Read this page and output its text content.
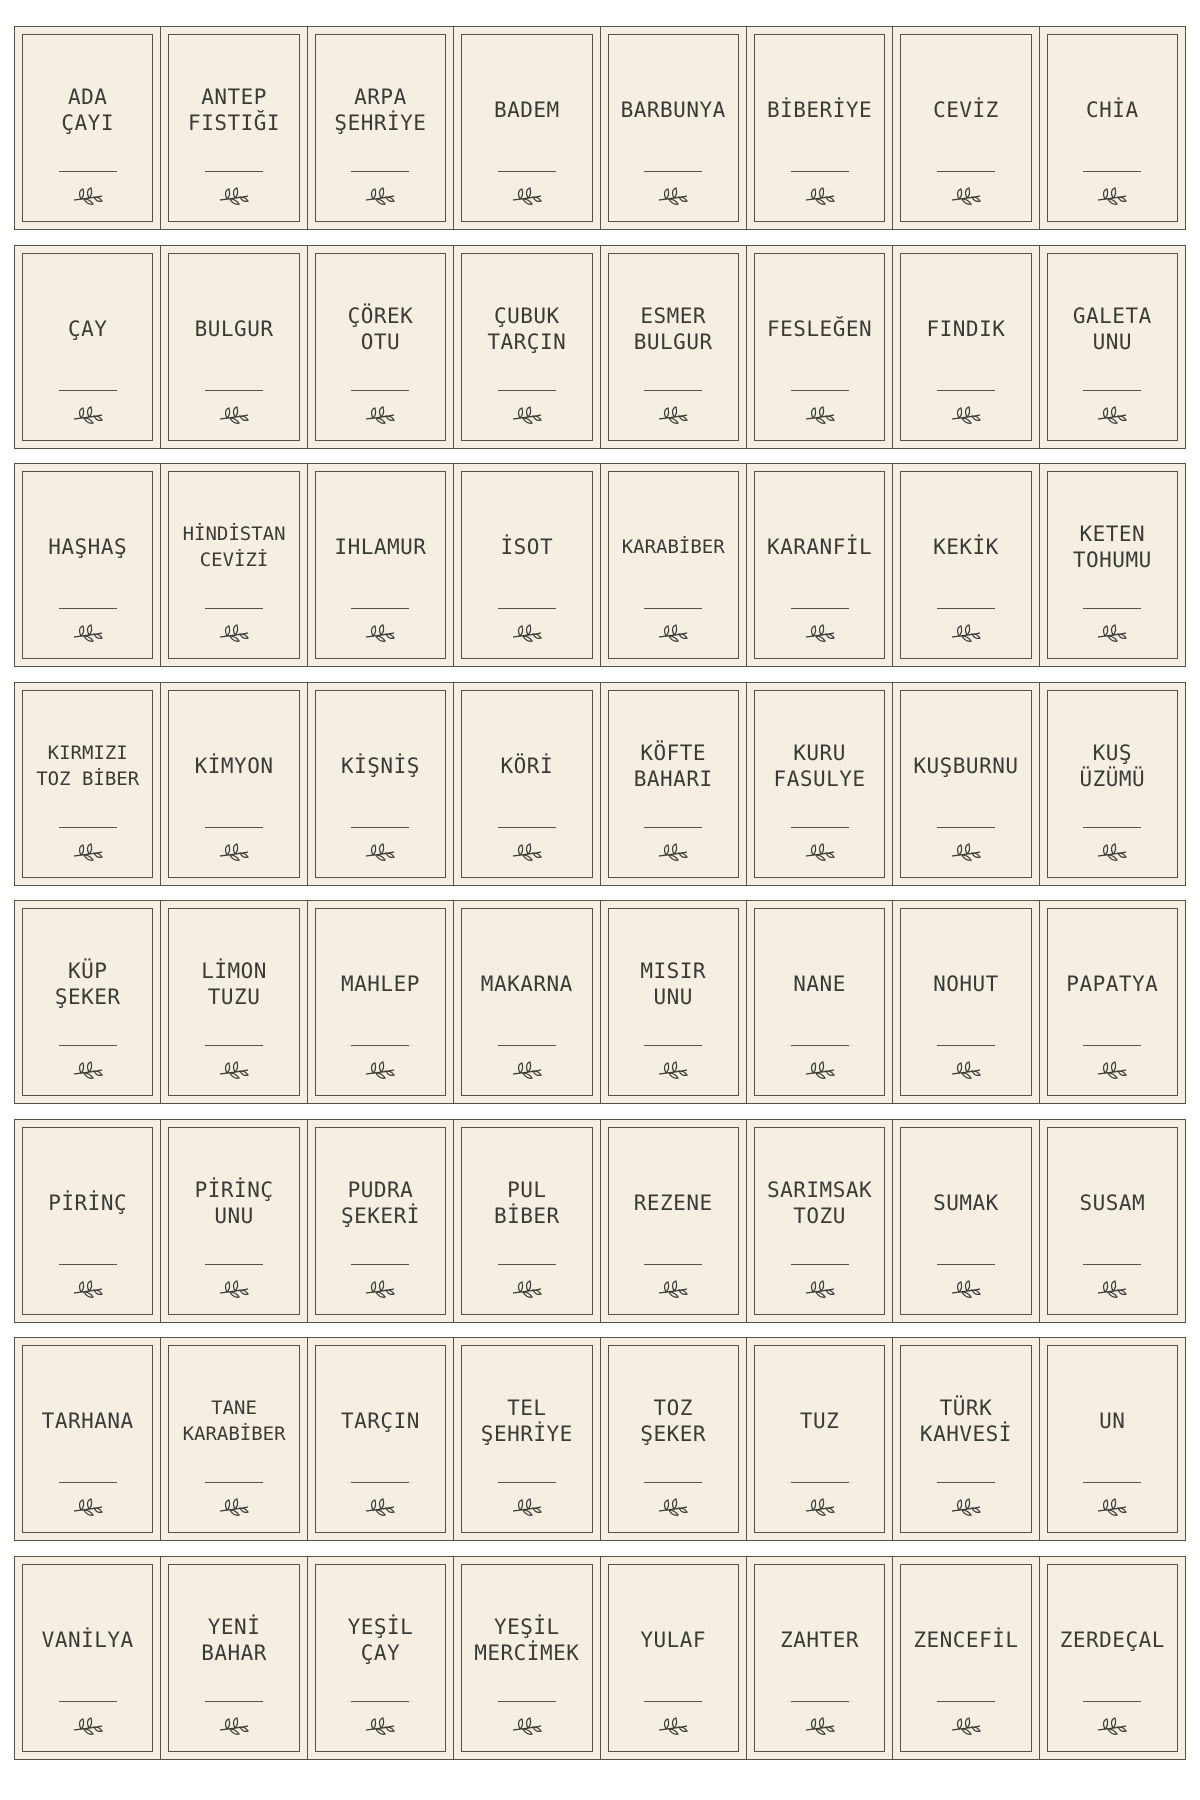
ADA
ÇAYI
ANTEP
FISTIĞI
ARPA
ŞEHRİYE
BADEM	BARBUNYA	BİBERİYE	CEVİZ	CHİA
ÇAY	BULGUR
ÇÖREK
OTU
ÇUBUK
TARÇIN
ESMER
BULGUR
FESLEĞEN	FINDIK
GALETA
UNU
HAŞHAŞ
HİNDİSTAN
CEVİZİ
IHLAMUR	İSOT	KARABİBER	KARANFİL	KEKİK
KETEN
TOHUMU
KIRMIZI
TOZ BİBER
KİMYON	KİŞNİŞ	KÖRİ
KÖFTE
BAHARI
KURU
FASULYE
KUŞBURNU
KUŞ
ÜZÜMÜ
KÜP
ŞEKER
LİMON
TUZU
MAHLEP	MAKARNA
MISIR
UNU
NANE	NOHUT	PAPATYA
PİRİNÇ
PİRİNÇ
UNU
PUDRA
ŞEKERİ
PUL
BİBER
REZENE
SARIMSAK
TOZU
SUMAK	SUSAM
TARHANA
TANE
KARABİBER
TARÇIN
TEL
ŞEHRİYE
TOZ
ŞEKER
TUZ
TÜRK
KAHVESİ
UN
VANİLYA
YENİ
BAHAR
YEŞİL
ÇAY
YEŞİL
MERCİMEK
YULAF	ZAHTER	ZENCEFİL	ZERDEÇAL
